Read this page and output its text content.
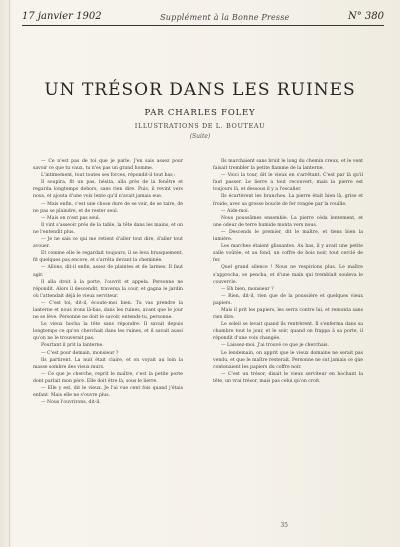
17 janvier 1902	Supplément à la Bonne Presse	N° 380
UN TRÉSOR DANS LES RUINES
PAR CHARLES FOLEY
ILLUSTRATIONS DE L. BOUTEAU
(Suite)

— Ce n'est pas de toi que je parle. J'en sais assez pour savoir ce que tu vaux, tu n'es pas un grand homme.

L'intimement, tout toutes ses forces, répondit-il tout bas :

Il soupira, fit un pas, hésita, alla près de la fenêtre et regarda longtemps dehors, sans rien dire. Puis, il revint vers nous, et ajouta d'une voix lente qu'il n'avait jamais eue.

— Mais enfin, c'est une chose dure de se voir, de se taire, de ne pas se plaindre, et de rester seul.

— Mais on n'est pas seul.

Il vint s'asseoir près de la table, la tête dans les mains, et on ne l'entendit plus.

— Je ne sais ce qui me retient d'aller tout dire, d'aller tout avouer.

Et comme elle le regardait toujours, il se leva brusquement, fit quelques pas encore, et s'arrêta devant la cheminée.

— Allons, dit-il enfin, assez de plaintes et de larmes. Il faut agir.

Il alla droit à la porte, l'ouvrit et appela. Personne ne répondit. Alors il descendit, traversa la cour, et gagna le jardin où l'attendait déjà le vieux serviteur.

— C'est toi, dit-il, écoute-moi bien. Tu vas prendre la lanterne et nous irons là-bas, dans les ruines, avant que le jour ne se lève. Personne ne doit le savoir, entends-tu, personne.

Le vieux hocha la tête sans répondre. Il savait depuis longtemps ce qu'on cherchait dans les ruines, et il savait aussi qu'on ne le trouverait pas.

Pourtant il prit la lanterne.

— C'est pour demain, monsieur ?

Ils partirent. La nuit était claire, et on voyait au loin la masse sombre des vieux murs.

— Ce que je cherche, reprit le maître, c'est la petite porte dont parlait mon père. Elle doit être là, sous le lierre.

— Elle y est, dit le vieux. Je l'ai vue cent fois quand j'étais enfant. Mais elle ne s'ouvre plus.

— Nous l'ouvrirons, dit-il.

Ils marchaient sans bruit le long du chemin creux, et le vent faisait trembler la petite flamme de la lanterne.

— Voici la tour, dit le vieux en s'arrêtant. C'est par là qu'il faut passer. Le lierre a tout recouvert, mais la pierre est toujours là, et dessous il y a l'escalier.

Ils écartèrent les branches. La pierre était bien là, grise et froide, avec sa grosse boucle de fer rongée par la rouille.

— Aide-moi.

Nous poussâmes ensemble. La pierre céda lentement, et une odeur de terre humide monta vers nous.

— Descends le premier, dit le maître, et tiens bien la lumière.

Les marches étaient glissantes. Au bas, il y avait une petite salle voûtée, et au fond, un coffre de bois noir, tout cerclé de fer.

Quel grand silence ! Nous ne respirions plus. Le maître s'approcha, se pencha, et d'une main qui tremblait souleva le couvercle.

— Eh bien, monsieur ?

— Rien, dit-il, rien que de la poussière et quelques vieux papiers.

Mais il prit les papiers, les serra contre lui, et remonta sans rien dire.

Le soleil se levait quand ils rentrèrent. Il s'enferma dans sa chambre tout le jour, et le soir, quand on frappa à sa porte, il répondit d'une voix changée.

— Laissez-moi. J'ai trouvé ce que je cherchais.

Le lendemain, on apprit que le vieux domaine ne serait pas vendu, et que le maître resterait. Personne ne sut jamais ce que contenaient les papiers du coffre noir.

— C'est un trésor, disait le vieux serviteur en hochant la tête, un vrai trésor, mais pas celui qu'on croit.

35
